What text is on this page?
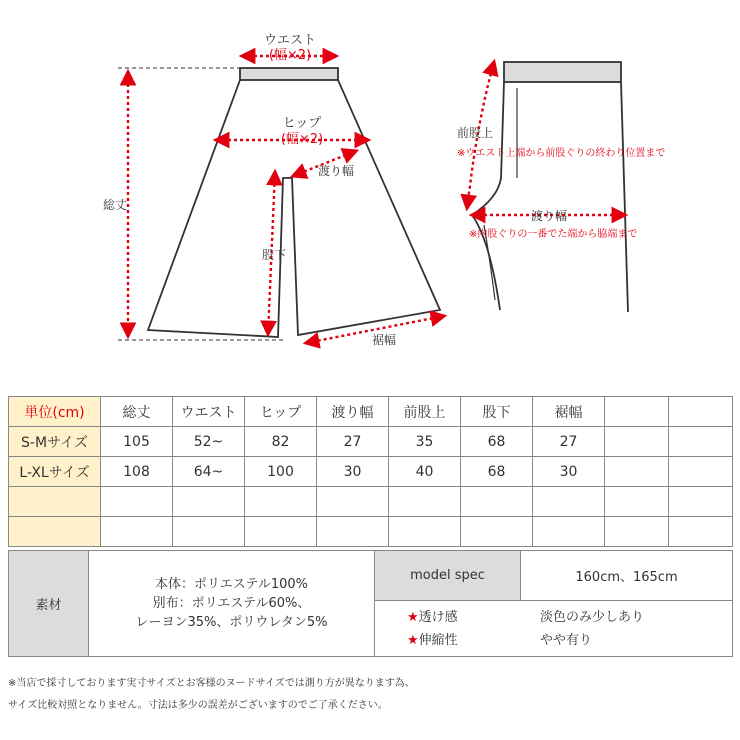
ウエスト
(幅×2)
ヒップ
(幅×2)
渡り幅
総丈
股下
裾幅
前股上
※ウエスト上端から前股ぐりの終わり位置まで
渡り幅
※内股ぐりの一番でた端から脇端まで
単位(cm)	総丈	ウエスト	ヒップ	渡り幅	前股上	股下	裾幅		
S-Mサイズ	105	52~	82	27	35	68	27		
L-XLサイズ	108	64~	100	30	40	68	30		

素材	
本体：ポリエステル100%
別布：ポリエステル60%、
レーヨン35%、ポリウレタン5%
	model spec	160cm、165cm

★透け感	淡色のみ少しあり
★伸縮性	やや有り

※当店で採寸しております実寸サイズとお客様のヌードサイズでは測り方が異なります為、

サイズ比較対照となりません。寸法は多少の誤差がございますのでご了承ください。
